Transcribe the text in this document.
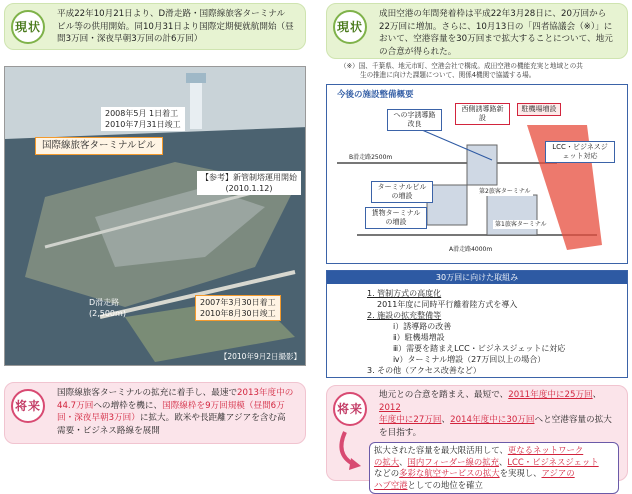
現状
平成22年10月21日より、D滑走路・国際線旅客ターミナル
ビル等の供用開始。同10月31日より国際定期便就航開始（昼
間3万回・深夜早朝3万回の計6万回）
2008年5月 1日着工
2010年7月31日竣工
国際線旅客ターミナルビル
【参考】新管制塔運用開始
(2010.1.12)
D滑走路
(2,500m)
2007年3月30日着工
2010年8月30日竣工
【2010年9月2日撮影】
将来
国際線旅客ターミナルの拡充に着手し、最速で2013年度中の
44.7万回への増枠を機に、国際線枠を9万回規模（昼間6万
回・深夜早朝3万回）に拡大。欧米や長距離アジアを含む高
需要・ビジネス路線を展開
現状
成田空港の年間発着枠は平成22年3月28日に、20万回から
22万回に増加。さらに、10月13日の「四者協議会（※）」に
おいて、空港容量を30万回まで拡大することについて、地元
の合意が得られた。
（※）国、千葉県、地元市町、空港会社で構成。成田空港の機能充実と地域との共
生の推進に向けた課題について、関係4機関で協議する場。
今後の施設整備概要
への字誘導路改良
西側誘導路新設
駐機場増設
LCC・ビジネスジェット対応
ターミナルビルの増設
貨物ターミナルの増設
B滑走路2500m
A滑走路4000m
第2旅客ターミナル
第1旅客ターミナル
30万回に向けた取組み
1. 管制方式の高度化
2011年度に同時平行離着陸方式を導入
2. 施設の拡充整備等
ⅰ）誘導路の改善
ⅱ）駐機場増設
ⅲ）需要を踏まえLCC・ビジネスジェットに対応
ⅳ）ターミナル増設（27万回以上の場合）
3. その他（アクセス改善など）
将来
地元との合意を踏まえ、最短で、2011年度中に25万回、2012
年度中に27万回、2014年度中に30万回へと空港容量の拡大
を目指す。
拡大された容量を最大限活用して、更なるネットワーク
の拡大、国内フィーダー線の拡充、LCC・ビジネスジェット
などの多彩な航空サービスの拡大を実現し、アジアの
ハブ空港としての地位を確立
